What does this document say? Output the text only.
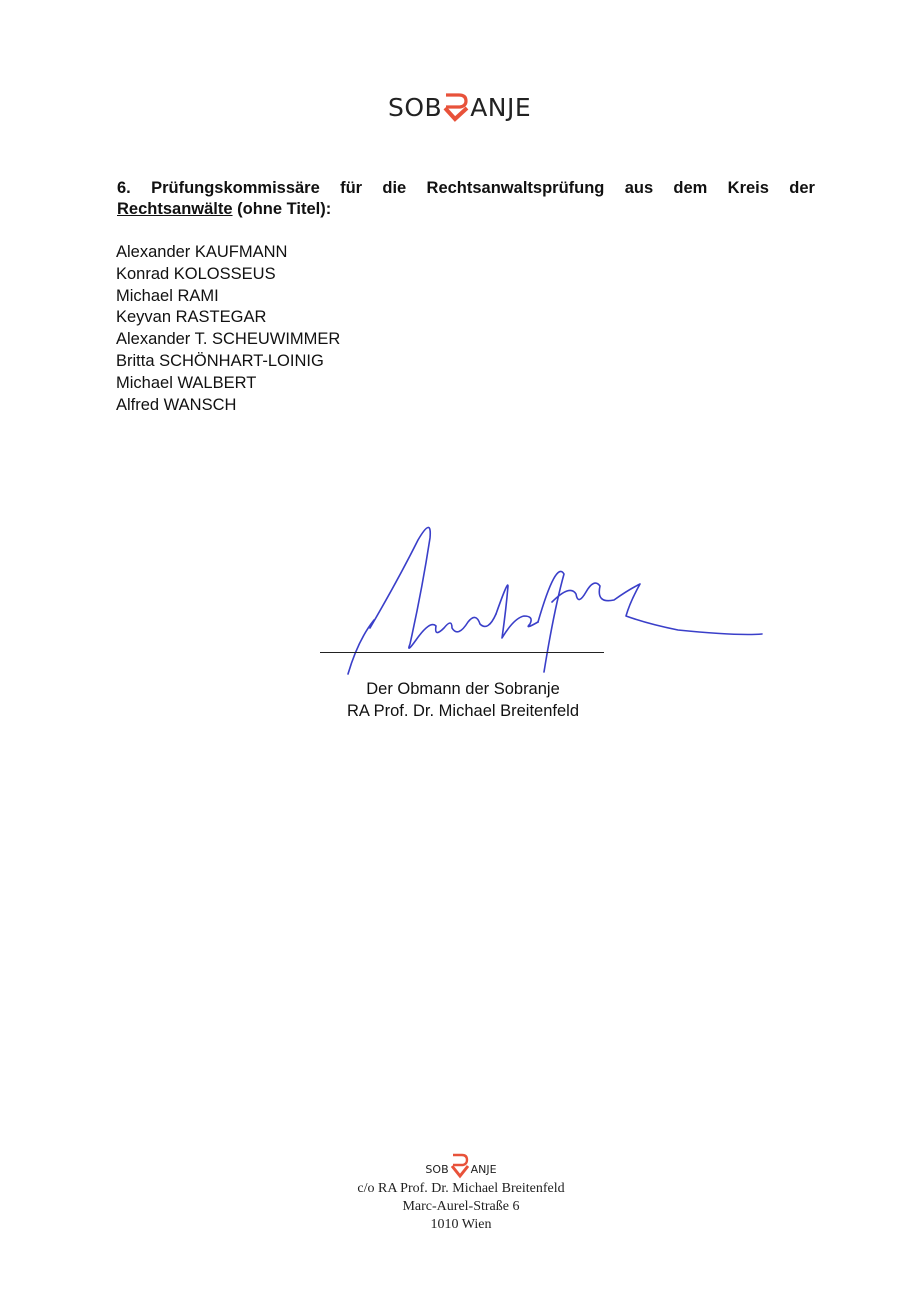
SOB ANJE
6. Prüfungskommissäre für die Rechtsanwaltsprüfung aus dem Kreis der
Rechtsanwälte (ohne Titel):
Alexander KAUFMANN
Konrad KOLOSSEUS
Michael RAMI
Keyvan RASTEGAR
Alexander T. SCHEUWIMMER
Britta SCHÖNHART-LOINIG
Michael WALBERT
Alfred WANSCH
Der Obmann der Sobranje
RA Prof. Dr. Michael Breitenfeld
SOB ANJE
c/o RA Prof. Dr. Michael Breitenfeld
Marc-Aurel-Straße 6
1010 Wien
